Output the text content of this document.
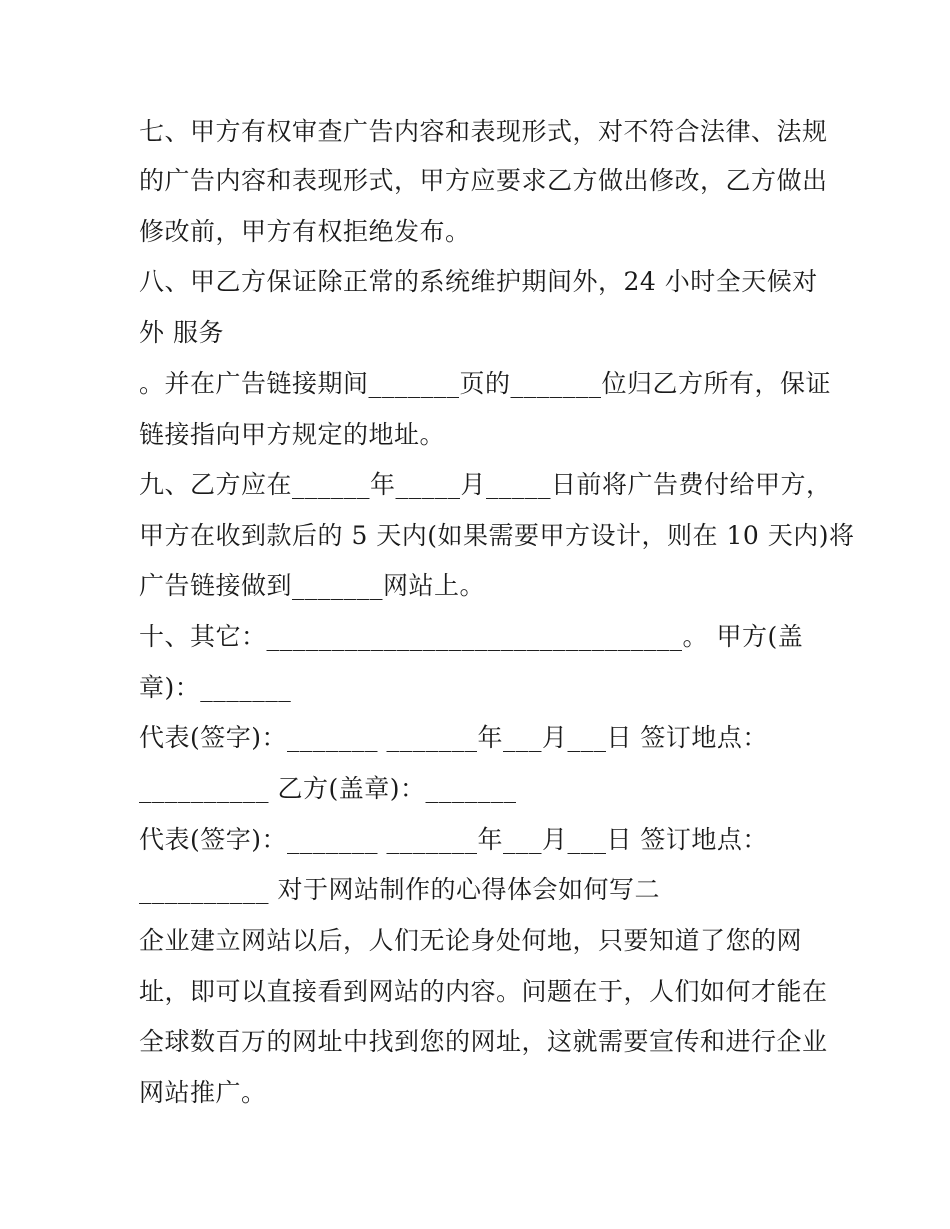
七、甲方有权审查广告内容和表现形式，对不符合法律、法规
的广告内容和表现形式，甲方应要求乙方做出修改，乙方做出
修改前，甲方有权拒绝发布。
八、甲乙方保证除正常的系统维护期间外，24 小时全天候对
外 服务
。并在广告链接期间_______页的_______位归乙方所有，保证
链接指向甲方规定的地址。
九、乙方应在______年_____月_____日前将广告费付给甲方，
甲方在收到款后的 5 天内(如果需要甲方设计，则在 10 天内)将
广告链接做到_______网站上。
十、其它：________________________________。 甲方(盖
章)：_______
代表(签字)：_______ _______年___月___日 签订地点：
__________ 乙方(盖章)：_______
代表(签字)：_______ _______年___月___日 签订地点：
__________ 对于网站制作的心得体会如何写二
企业建立网站以后，人们无论身处何地，只要知道了您的网
址，即可以直接看到网站的内容。问题在于，人们如何才能在
全球数百万的网址中找到您的网址，这就需要宣传和进行企业
网站推广。
